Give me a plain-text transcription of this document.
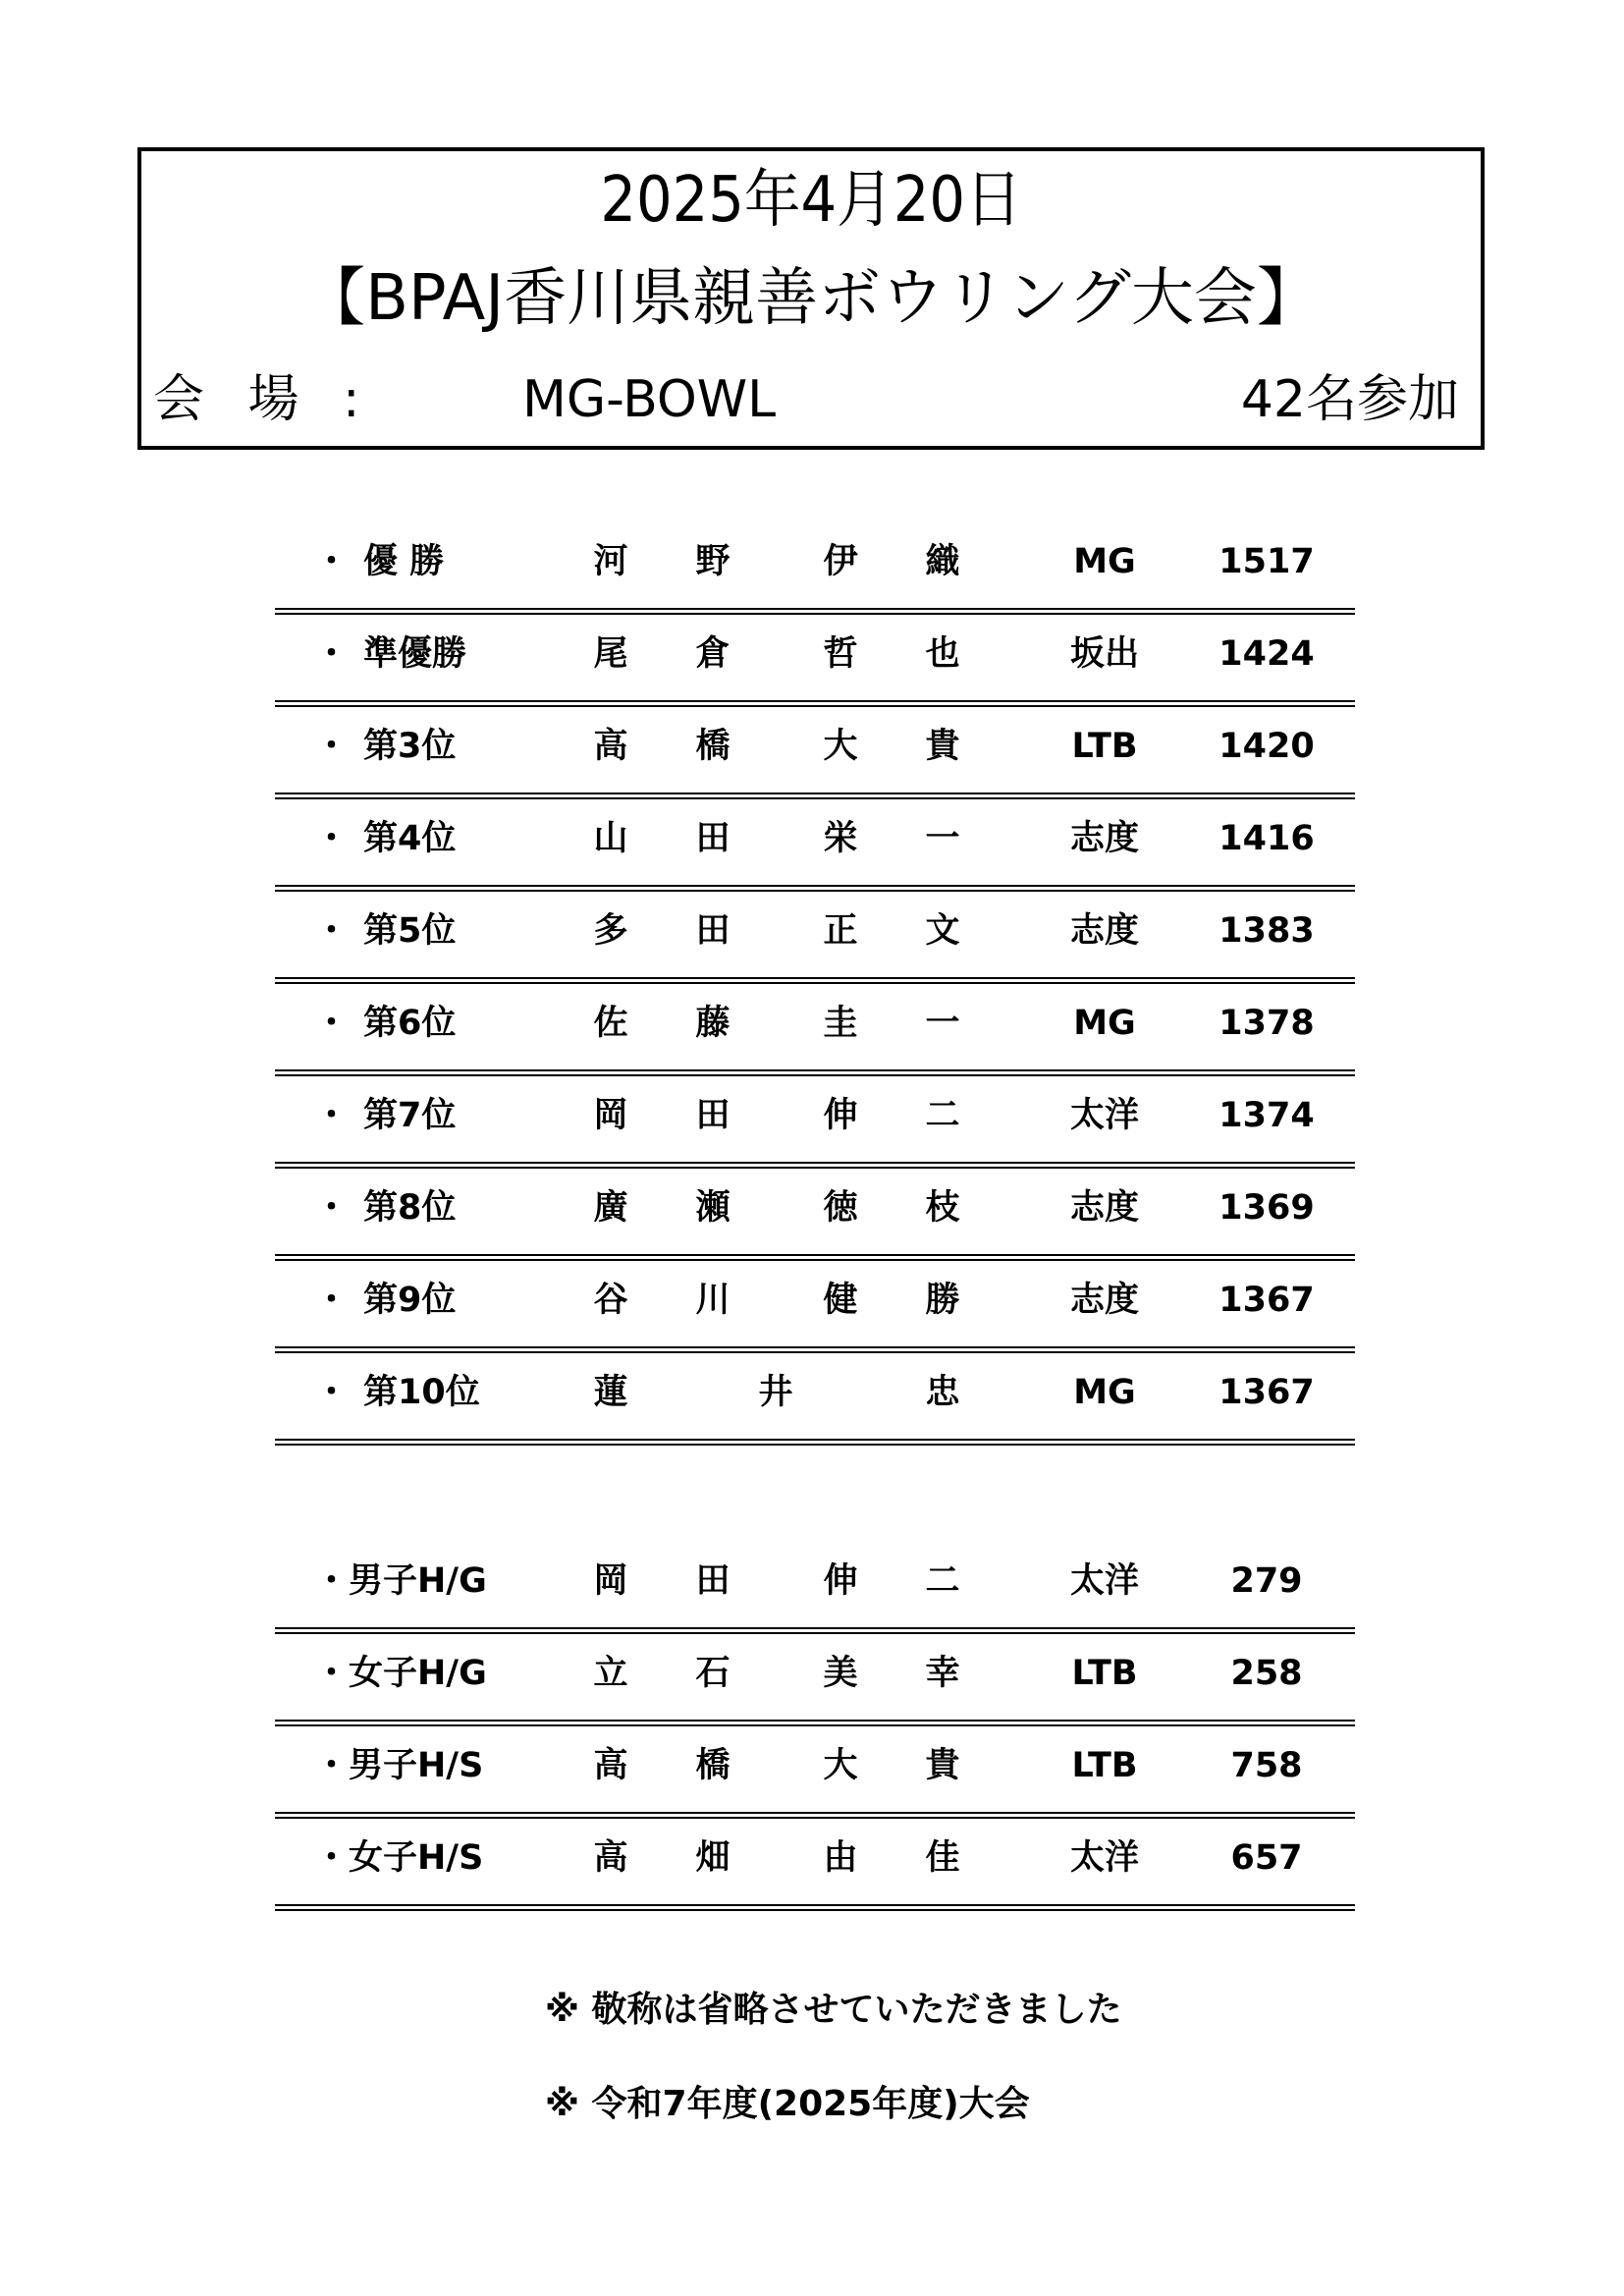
2025年4月20日
【BPAJ香川県親善ボウリング大会】
会 場 :	MG-BOWL	42名参加
・ 優 勝	河	野	伊	織	MG	1517
・ 準優勝	尾	倉	哲	也	坂出	1424
・ 第3位	高	橋	大	貴	LTB	1420
・ 第4位	山	田	栄	一	志度	1416
・ 第5位	多	田	正	文	志度	1383
・ 第6位	佐	藤	圭	一	MG	1378
・ 第7位	岡	田	伸	二	太洋	1374
・ 第8位	廣	瀬	徳	枝	志度	1369
・ 第9位	谷	川	健	勝	志度	1367
・ 第10位	蓮	井	忠	MG	1367
・男子H/G	岡	田	伸	二	太洋	279
・女子H/G	立	石	美	幸	LTB	258
・男子H/S	高	橋	大	貴	LTB	758
・女子H/S	高	畑	由	佳	太洋	657
※ 敬称は省略させていただきました
※ 令和7年度(2025年度)大会
